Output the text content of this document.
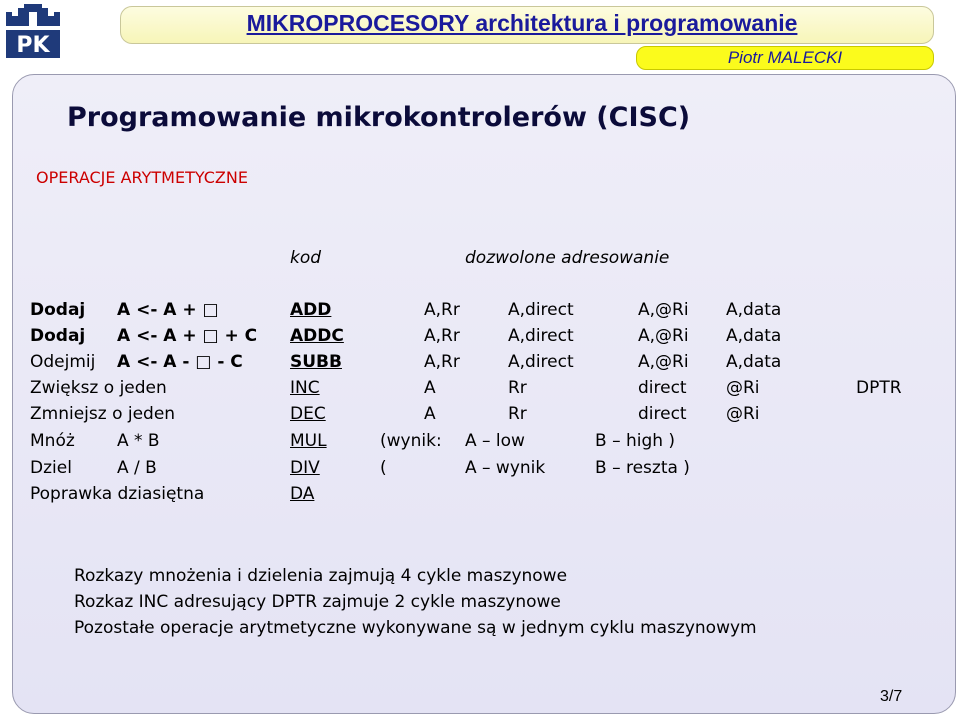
PK
MIKROPROCESORY architektura i programowanie
Piotr MALECKI
Programowanie mikrokontrolerów (CISC)
OPERACJE ARYTMETYCZNE
kod	dozwolone adresowanie
Dodaj A <- A + □	ADD	A,Rr	A,direct	A,@Ri A,data
Dodaj A <- A + □ + C ADDC	A,Rr	A,direct	A,@Ri A,data
Odejmij A <- A - □ - C	SUBB	A,Rr	A,direct	A,@Ri A,data
Zwiększ o jeden	INC	A	Rr	direct @Ri	DPTR
Zmniejsz o jeden	DEC	A	Rr	direct @Ri
Mnóż A * B	MUL	(wynik: A – low	B – high )
Dziel	A / B	DIV	(	A – wynik	B – reszta )
Poprawka dziasiętna	DA
Rozkazy mnożenia i dzielenia zajmują 4 cykle maszynowe
Rozkaz INC adresujący DPTR zajmuje 2 cykle maszynowe
Pozostałe operacje arytmetyczne wykonywane są w jednym cyklu maszynowym
3/7
